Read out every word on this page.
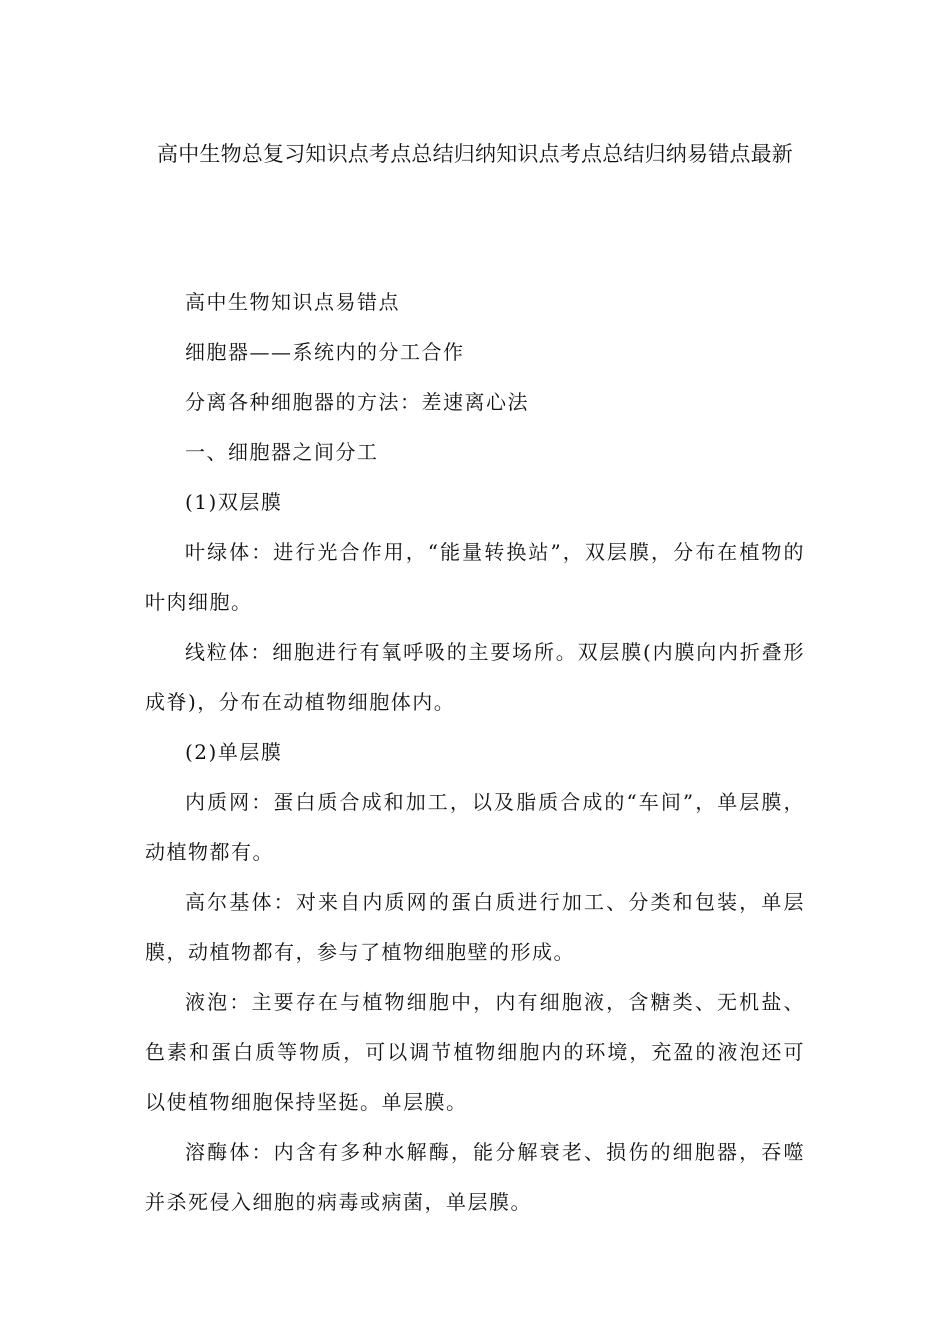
高中生物总复习知识点考点总结归纳知识点考点总结归纳易错点最新

高中生物知识点易错点

细胞器——系统内的分工合作

分离各种细胞器的方法：差速离心法

一、细胞器之间分工

(1)双层膜

叶绿体：进行光合作用，“能量转换站”，双层膜，分布在植物的叶肉细胞。

线粒体：细胞进行有氧呼吸的主要场所。双层膜(内膜向内折叠形成脊)，分布在动植物细胞体内。

(2)单层膜

内质网：蛋白质合成和加工，以及脂质合成的“车间”，单层膜，动植物都有。

高尔基体：对来自内质网的蛋白质进行加工、分类和包装，单层膜，动植物都有，参与了植物细胞壁的形成。

液泡：主要存在与植物细胞中，内有细胞液，含糖类、无机盐、色素和蛋白质等物质，可以调节植物细胞内的环境，充盈的液泡还可以使植物细胞保持坚挺。单层膜。

溶酶体：内含有多种水解酶，能分解衰老、损伤的细胞器，吞噬并杀死侵入细胞的病毒或病菌，单层膜。
